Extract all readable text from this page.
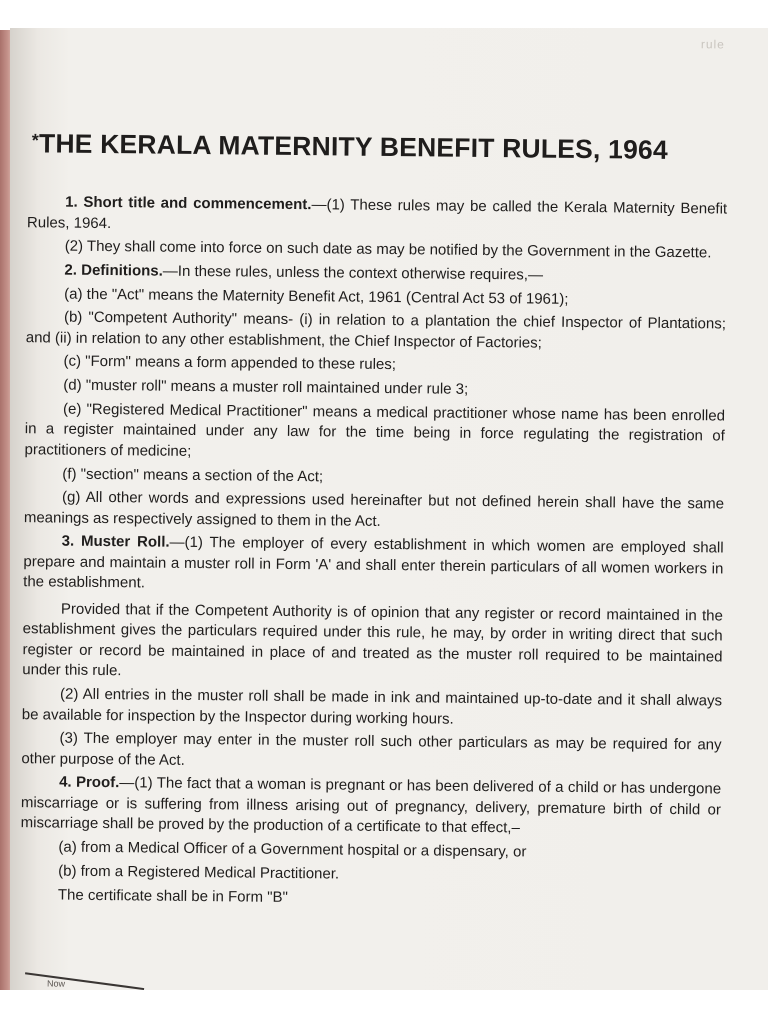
rule
*THE KERALA MATERNITY BENEFIT RULES, 1964

1. Short title and commencement.—(1) These rules may be called the Kerala Maternity Benefit Rules, 1964.

(2) They shall come into force on such date as may be notified by the Government in the Gazette.

2. Definitions.—In these rules, unless the context otherwise requires,—

(a) the "Act" means the Maternity Benefit Act, 1961 (Central Act 53 of 1961);

(b) "Competent Authority" means- (i) in relation to a plantation the chief Inspector of Plantations; and (ii) in relation to any other establishment, the Chief Inspector of Factories;

(c) "Form" means a form appended to these rules;

(d) "muster roll" means a muster roll maintained under rule 3;

(e) "Registered Medical Practitioner" means a medical practitioner whose name has been enrolled in a register maintained under any law for the time being in force regulating the registration of practitioners of medicine;

(f) "section" means a section of the Act;

(g) All other words and expressions used hereinafter but not defined herein shall have the same meanings as respectively assigned to them in the Act.

3. Muster Roll.—(1) The employer of every establishment in which women are employed shall prepare and maintain a muster roll in Form 'A' and shall enter therein particulars of all women workers in the establishment.

Provided that if the Competent Authority is of opinion that any register or record maintained in the establishment gives the particulars required under this rule, he may, by order in writing direct that such register or record be maintained in place of and treated as the muster roll required to be maintained under this rule.

(2) All entries in the muster roll shall be made in ink and maintained up-to-date and it shall always be available for inspection by the Inspector during working hours.

(3) The employer may enter in the muster roll such other particulars as may be required for any other purpose of the Act.

4. Proof.—(1) The fact that a woman is pregnant or has been delivered of a child or has undergone miscarriage or is suffering from illness arising out of pregnancy, delivery, premature birth of child or miscarriage shall be proved by the production of a certificate to that effect,–

(a) from a Medical Officer of a Government hospital or a dispensary, or

(b) from a Registered Medical Practitioner.

The certificate shall be in Form "B"

Now
